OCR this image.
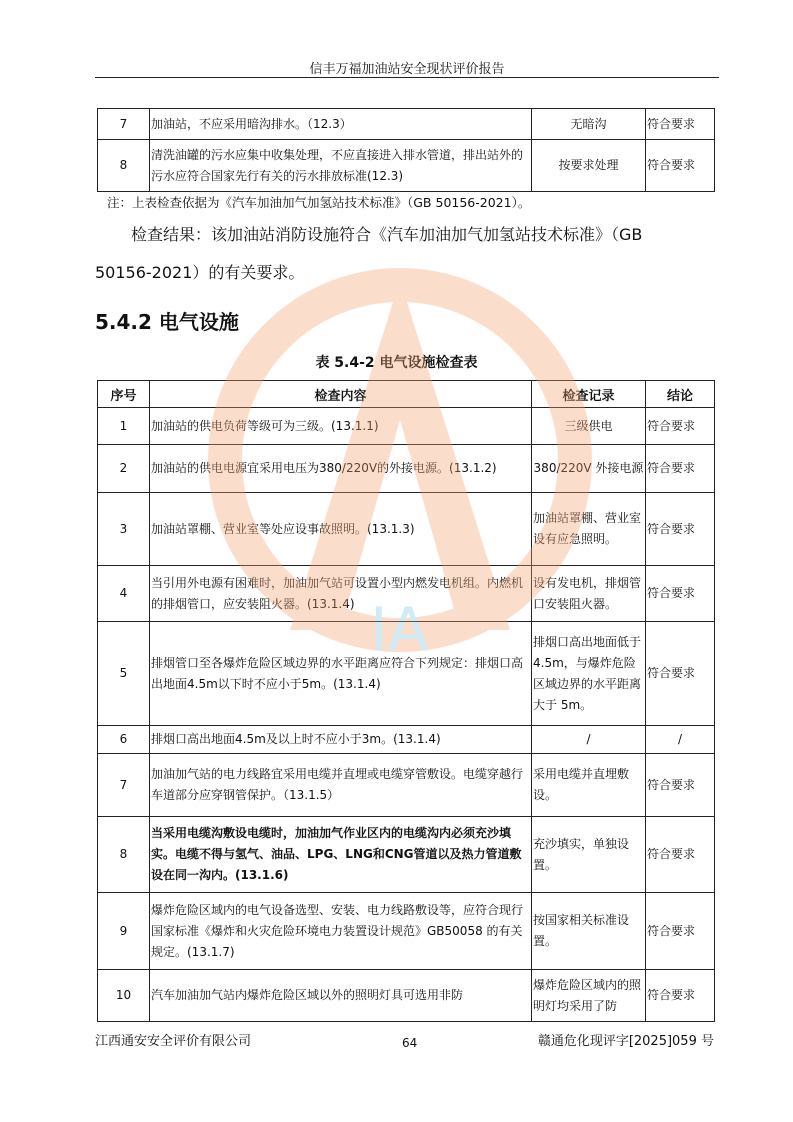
信丰万福加油站安全现状评价报告
7	加油站，不应采用暗沟排水。（12.3）	无暗沟	符合要求
8	清洗油罐的污水应集中收集处理，不应直接进入排水管道，排出站外的污水应符合国家先行有关的污水排放标准(12.3)	按要求处理	符合要求
注：上表检查依据为《汽车加油加气加氢站技术标准》（GB 50156-2021）。
检查结果：该加油站消防设施符合《汽车加油加气加氢站技术标准》（GB
50156-2021）的有关要求。
5.4.2 电气设施
表 5.4-2 电气设施检查表
序号	检查内容	检查记录	结论
1	加油站的供电负荷等级可为三级。(13.1.1)	三级供电	符合要求
2	加油站的供电电源宜采用电压为380/220V的外接电源。(13.1.2)	380/220V 外接电源	符合要求
3	加油站罩棚、营业室等处应设事故照明。(13.1.3)	加油站罩棚、营业室设有应急照明。	符合要求
4	当引用外电源有困难时，加油加气站可设置小型内燃发电机组。内燃机的排烟管口，应安装阻火器。(13.1.4)	设有发电机，排烟管口安装阻火器。	符合要求
5	排烟管口至各爆炸危险区域边界的水平距离应符合下列规定：排烟口高出地面4.5m以下时不应小于5m。(13.1.4)	排烟口高出地面低于 4.5m，与爆炸危险区域边界的水平距离大于 5m。	符合要求
6	排烟口高出地面4.5m及以上时不应小于3m。(13.1.4)	/	/
7	加油加气站的电力线路宜采用电缆并直埋或电缆穿管敷设。电缆穿越行车道部分应穿钢管保护。（13.1.5）	采用电缆并直埋敷设。	符合要求
8	当采用电缆沟敷设电缆时，加油加气作业区内的电缆沟内必须充沙填实。电缆不得与氢气、油品、LPG、LNG和CNG管道以及热力管道敷设在同一沟内。(13.1.6)	充沙填实，单独设置。	符合要求
9	爆炸危险区域内的电气设备选型、安装、电力线路敷设等，应符合现行国家标准《爆炸和火灾危险环境电力装置设计规范》GB50058 的有关规定。(13.1.7)	按国家相关标准设置。	符合要求
10	汽车加油加气站内爆炸危险区域以外的照明灯具可选用非防	爆炸危险区域内的照明灯均采用了防	符合要求
IA
江西通安安全评价有限公司	64	赣通危化现评字[2025]059 号
